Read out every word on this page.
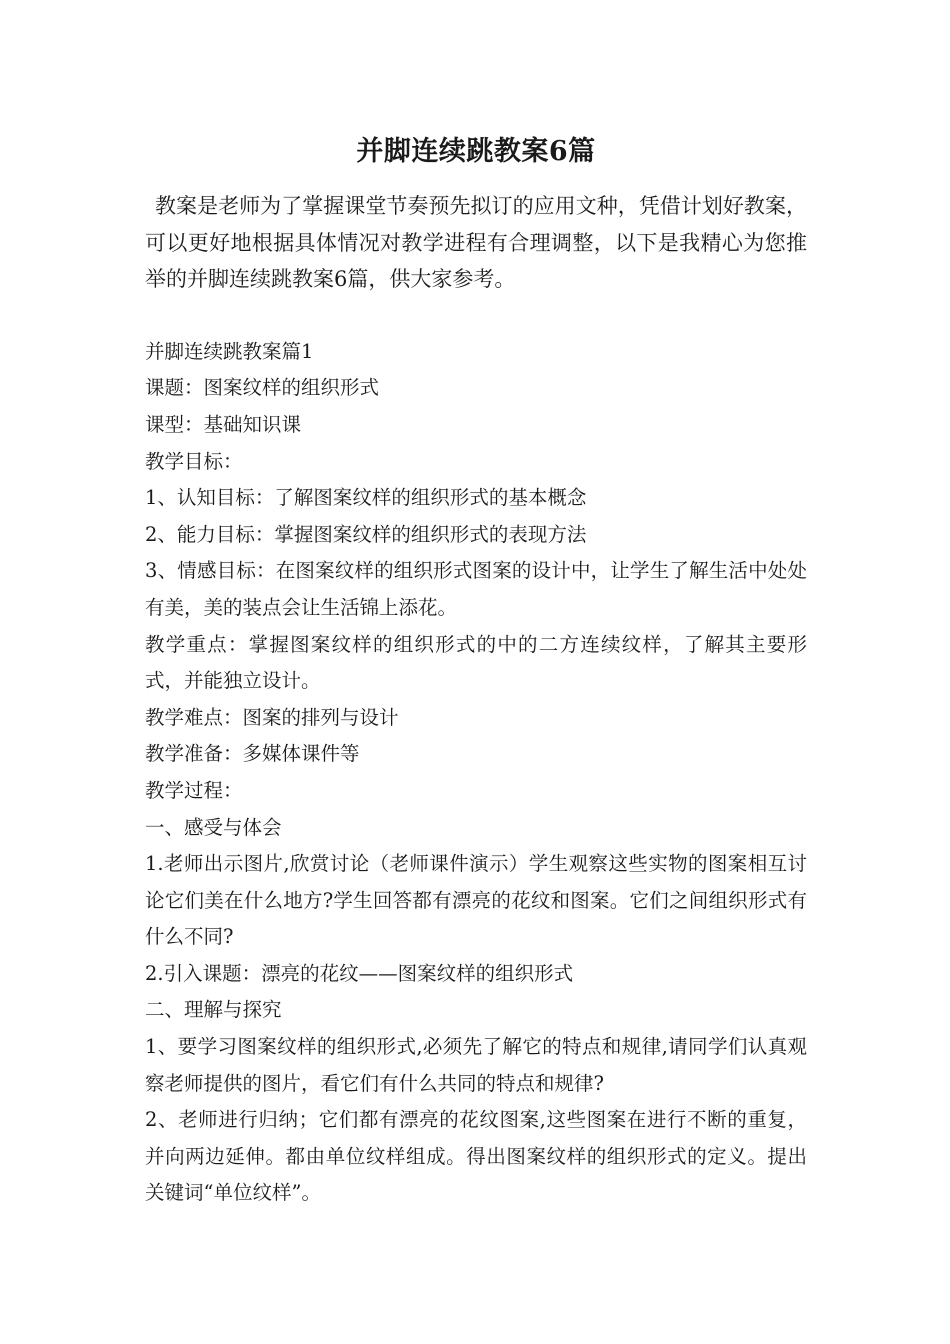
并脚连续跳教案6篇

教案是老师为了掌握课堂节奏预先拟订的应用文种，凭借计划好教案，可以更好地根据具体情况对教学进程有合理调整，以下是我精心为您推举的并脚连续跳教案6篇，供大家参考。

并脚连续跳教案篇1

课题：图案纹样的组织形式

课型：基础知识课

教学目标：

1、认知目标：了解图案纹样的组织形式的基本概念

2、能力目标：掌握图案纹样的组织形式的表现方法

3、情感目标：在图案纹样的组织形式图案的设计中，让学生了解生活中处处有美，美的装点会让生活锦上添花。

教学重点：掌握图案纹样的组织形式的中的二方连续纹样，了解其主要形式，并能独立设计。

教学难点：图案的排列与设计

教学准备：多媒体课件等

教学过程：

一、感受与体会

1.老师出示图片,欣赏讨论（老师课件演示）学生观察这些实物的图案相互讨论它们美在什么地方?学生回答都有漂亮的花纹和图案。它们之间组织形式有什么不同?

2.引入课题：漂亮的花纹——图案纹样的组织形式

二、理解与探究

1、要学习图案纹样的组织形式,必须先了解它的特点和规律,请同学们认真观察老师提供的图片，看它们有什么共同的特点和规律?

2、老师进行归纳；它们都有漂亮的花纹图案,这些图案在进行不断的重复，并向两边延伸。都由单位纹样组成。得出图案纹样的组织形式的定义。提出关键词“单位纹样”。
